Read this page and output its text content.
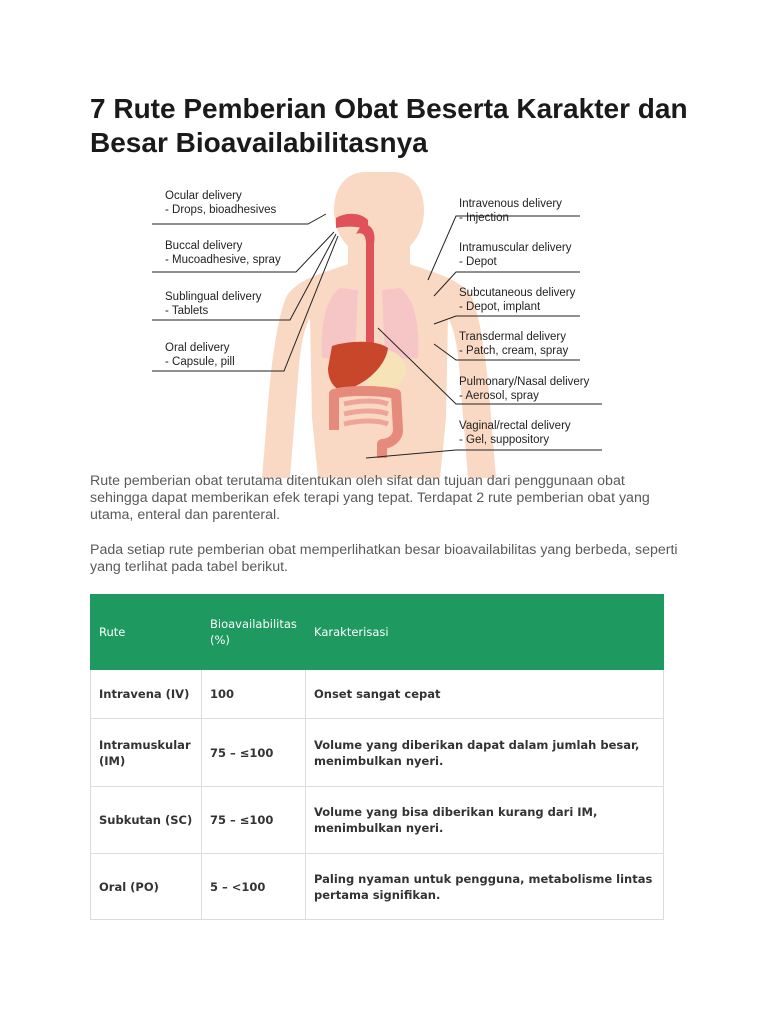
7 Rute Pemberian Obat Beserta Karakter dan Besar Bioavailabilitasnya
Ocular delivery
- Drops, bioadhesives
Buccal delivery
- Mucoadhesive, spray
Sublingual delivery
- Tablets
Oral delivery
- Capsule, pill
Intravenous delivery
- Injection
Intramuscular delivery
- Depot
Subcutaneous delivery
- Depot, implant
Transdermal delivery
- Patch, cream, spray
Pulmonary/Nasal delivery
- Aerosol, spray
Vaginal/rectal delivery
- Gel, suppository

Rute pemberian obat terutama ditentukan oleh sifat dan tujuan dari penggunaan obat sehingga dapat memberikan efek terapi yang tepat. Terdapat 2 rute pemberian obat yang utama, enteral dan parenteral.

Pada setiap rute pemberian obat memperlihatkan besar bioavailabilitas yang berbeda, seperti yang terlihat pada tabel berikut.

Rute	Bioavailabilitas (%)	Karakterisasi
Intravena (IV)	100	Onset sangat cepat
Intramuskular (IM)	75 – ≤100	Volume yang diberikan dapat dalam jumlah besar, menimbulkan nyeri.
Subkutan (SC)	75 – ≤100	Volume yang bisa diberikan kurang dari IM, menimbulkan nyeri.
Oral (PO)	5 – <100	Paling nyaman untuk pengguna, metabolisme lintas pertama signifikan.
